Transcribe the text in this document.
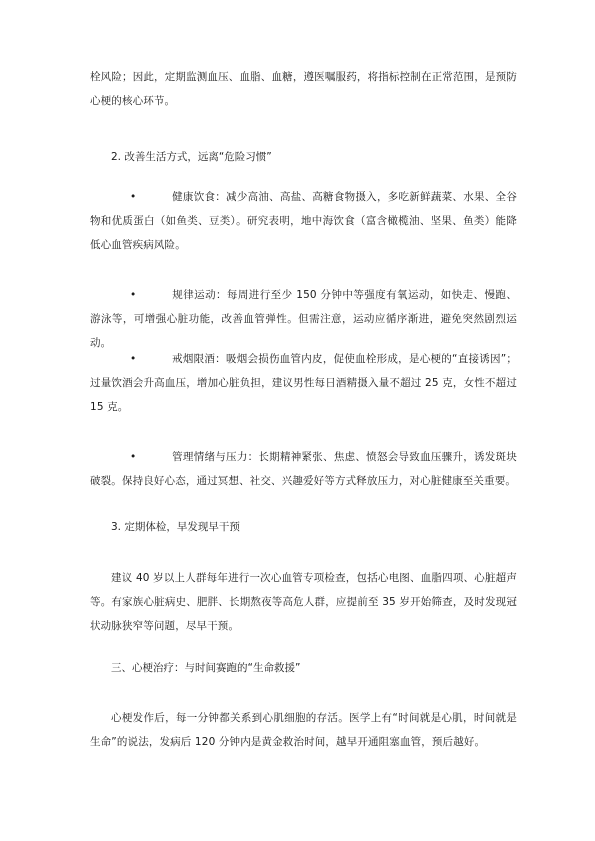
栓风险；因此，定期监测血压、血脂、血糖，遵医嘱服药，将指标控制在正常范围，是预防心梗的核心环节。

2. 改善生活方式，远离“危险习惯”

•	健康饮食：减少高油、高盐、高糖食物摄入，多吃新鲜蔬菜、水果、全谷物和优质蛋白（如鱼类、豆类）。研究表明，地中海饮食（富含橄榄油、坚果、鱼类）能降低心血管疾病风险。

•	规律运动：每周进行至少 150 分钟中等强度有氧运动，如快走、慢跑、游泳等，可增强心脏功能，改善血管弹性。但需注意，运动应循序渐进，避免突然剧烈运动。

•	戒烟限酒：吸烟会损伤血管内皮，促使血栓形成，是心梗的“直接诱因”；过量饮酒会升高血压，增加心脏负担，建议男性每日酒精摄入量不超过 25 克，女性不超过 15 克。

•	管理情绪与压力：长期精神紧张、焦虑、愤怒会导致血压骤升，诱发斑块破裂。保持良好心态，通过冥想、社交、兴趣爱好等方式释放压力，对心脏健康至关重要。

3. 定期体检，早发现早干预

建议 40 岁以上人群每年进行一次心血管专项检查，包括心电图、血脂四项、心脏超声等。有家族心脏病史、肥胖、长期熬夜等高危人群，应提前至 35 岁开始筛查，及时发现冠状动脉狭窄等问题，尽早干预。

三、心梗治疗：与时间赛跑的“生命救援”

心梗发作后，每一分钟都关系到心肌细胞的存活。医学上有“时间就是心肌，时间就是生命”的说法，发病后 120 分钟内是黄金救治时间，越早开通阻塞血管，预后越好。
